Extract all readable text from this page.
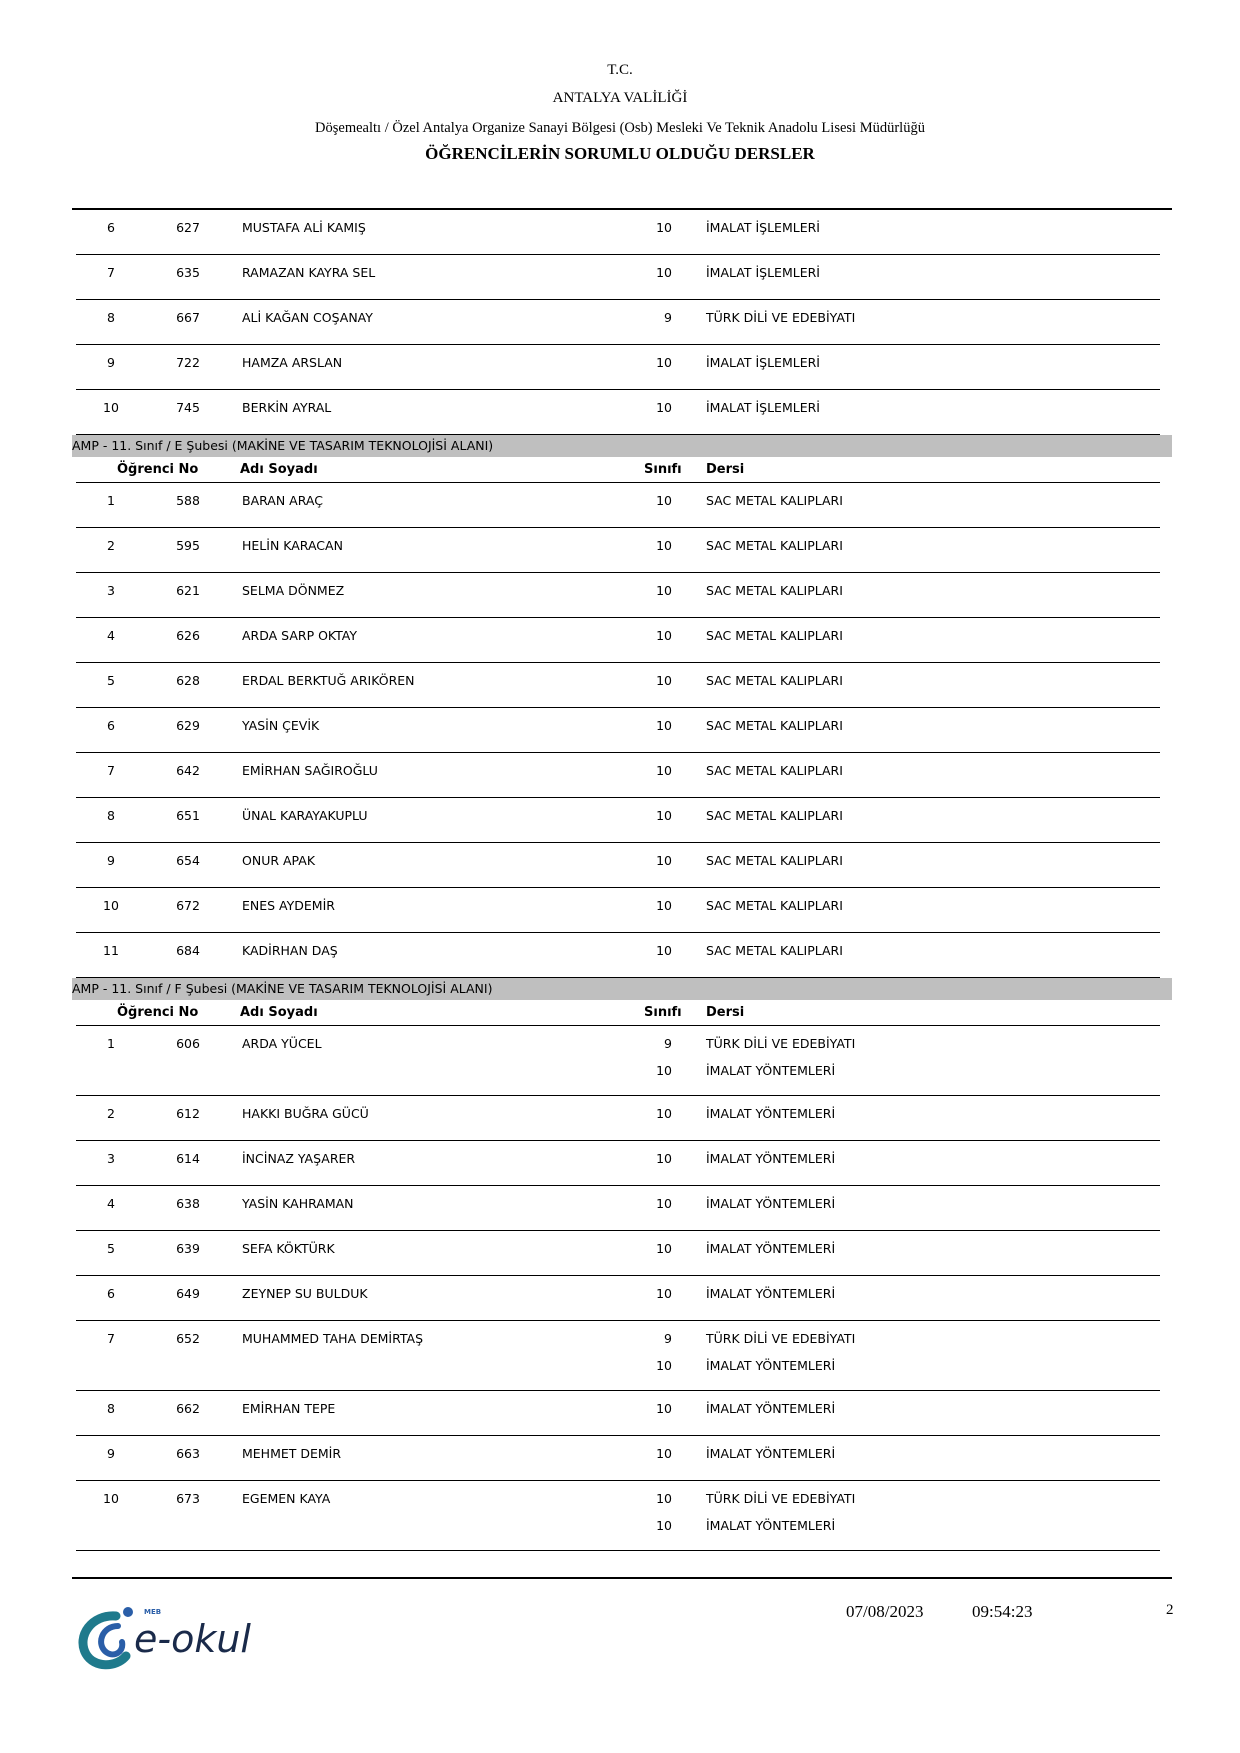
T.C.
ANTALYA VALİLİĞİ
Döşemealtı / Özel Antalya Organize Sanayi Bölgesi (Osb) Mesleki Ve Teknik Anadolu Lisesi Müdürlüğü
ÖĞRENCİLERİN SORUMLU OLDUĞU DERSLER
6	627	MUSTAFA ALİ KAMIŞ	10	İMALAT İŞLEMLERİ
7	635	RAMAZAN KAYRA SEL	10	İMALAT İŞLEMLERİ
8	667	ALİ KAĞAN COŞANAY	9	TÜRK DİLİ VE EDEBİYATI
9	722	HAMZA ARSLAN	10	İMALAT İŞLEMLERİ
10	745	BERKİN AYRAL	10	İMALAT İŞLEMLERİ
AMP - 11. Sınıf / E Şubesi (MAKİNE VE TASARIM TEKNOLOJİSİ ALANI)
Öğrenci No	Adı Soyadı	Sınıfı Dersi
1	588	BARAN ARAÇ	10	SAC METAL KALIPLARI
2	595	HELİN KARACAN	10	SAC METAL KALIPLARI
3	621	SELMA DÖNMEZ	10	SAC METAL KALIPLARI
4	626	ARDA SARP OKTAY	10	SAC METAL KALIPLARI
5	628	ERDAL BERKTUĞ ARIKÖREN	10	SAC METAL KALIPLARI
6	629	YASİN ÇEVİK	10	SAC METAL KALIPLARI
7	642	EMİRHAN SAĞIROĞLU	10	SAC METAL KALIPLARI
8	651	ÜNAL KARAYAKUPLU	10	SAC METAL KALIPLARI
9	654	ONUR APAK	10	SAC METAL KALIPLARI
10	672	ENES AYDEMİR	10	SAC METAL KALIPLARI
11	684	KADİRHAN DAŞ	10	SAC METAL KALIPLARI
AMP - 11. Sınıf / F Şubesi (MAKİNE VE TASARIM TEKNOLOJİSİ ALANI)
Öğrenci No	Adı Soyadı	Sınıfı Dersi
1	606	ARDA YÜCEL	9	TÜRK DİLİ VE EDEBİYATI
10	İMALAT YÖNTEMLERİ
2	612	HAKKI BUĞRA GÜCÜ	10	İMALAT YÖNTEMLERİ
3	614	İNCİNAZ YAŞARER	10	İMALAT YÖNTEMLERİ
4	638	YASİN KAHRAMAN	10	İMALAT YÖNTEMLERİ
5	639	SEFA KÖKTÜRK	10	İMALAT YÖNTEMLERİ
6	649	ZEYNEP SU BULDUK	10	İMALAT YÖNTEMLERİ
7	652	MUHAMMED TAHA DEMİRTAŞ	9	TÜRK DİLİ VE EDEBİYATI
10	İMALAT YÖNTEMLERİ
8	662	EMİRHAN TEPE	10	İMALAT YÖNTEMLERİ
9	663	MEHMET DEMİR	10	İMALAT YÖNTEMLERİ
10	673	EGEMEN KAYA	10	TÜRK DİLİ VE EDEBİYATI
10	İMALAT YÖNTEMLERİ
MEB
e-okul
07/08/2023	09:54:23	2
